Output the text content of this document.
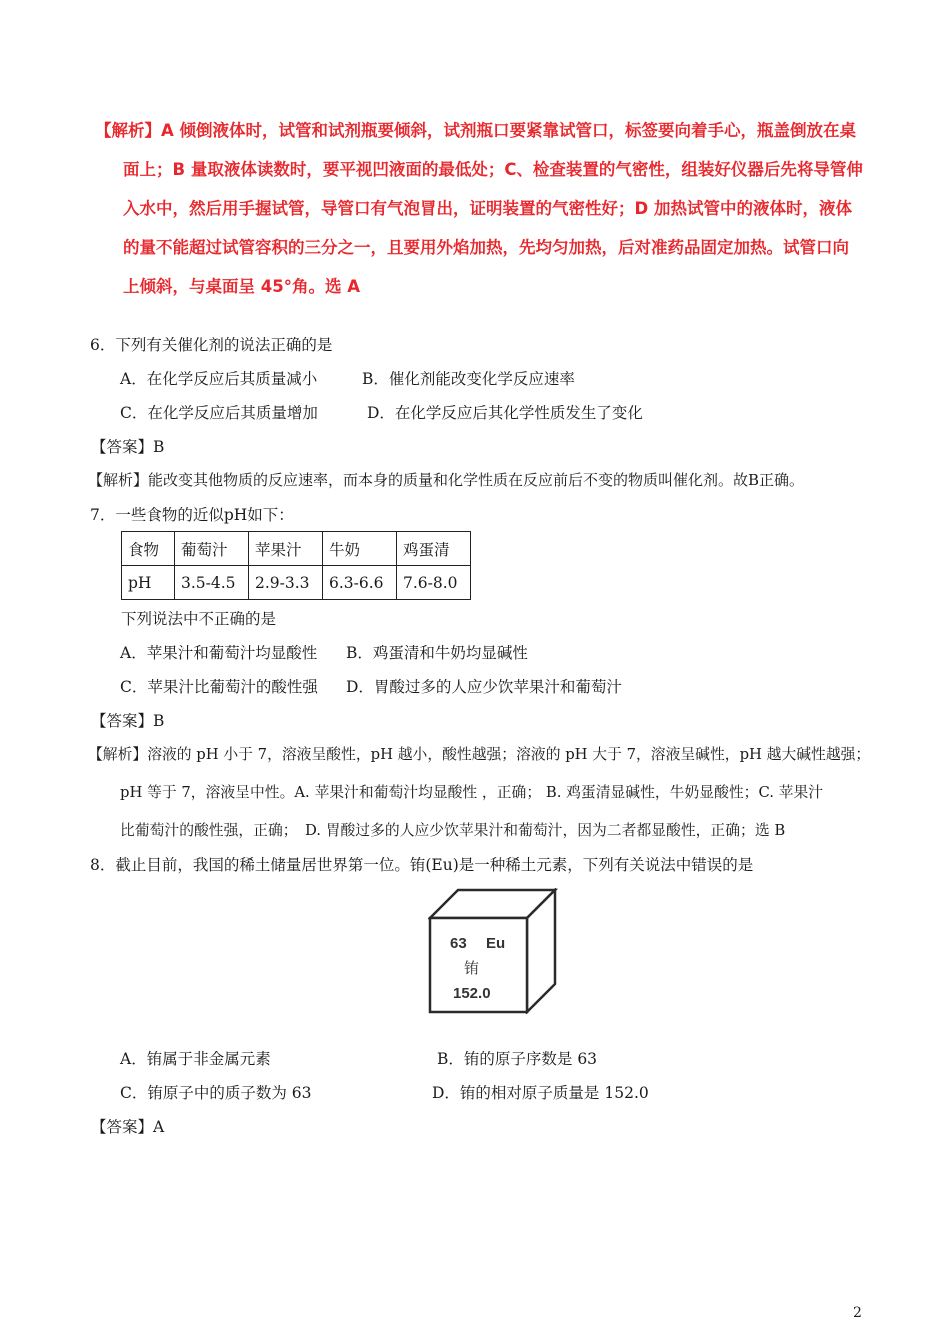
【解析】A 倾倒液体时，试管和试剂瓶要倾斜，试剂瓶口要紧靠试管口，标签要向着手心，瓶盖倒放在桌
面上；B 量取液体读数时，要平视凹液面的最低处；C、检查装置的气密性，组装好仪器后先将导管伸
入水中，然后用手握试管，导管口有气泡冒出，证明装置的气密性好；D 加热试管中的液体时，液体
的量不能超过试管容积的三分之一，且要用外焰加热，先均匀加热，后对准药品固定加热。试管口向
上倾斜，与桌面呈 45°角。选 A
6．下列有关催化剂的说法正确的是
A．在化学反应后其质量减小	B．催化剂能改变化学反应速率
C．在化学反应后其质量增加	D．在化学反应后其化学性质发生了变化
【答案】B
【解析】能改变其他物质的反应速率，而本身的质量和化学性质在反应前后不变的物质叫催化剂。故B正确。
7．一些食物的近似pH如下：
食物	葡萄汁	苹果汁	牛奶	鸡蛋清
pH	3.5-4.5	2.9-3.3	6.3-6.6	7.6-8.0
下列说法中不正确的是
A．苹果汁和葡萄汁均显酸性 B．鸡蛋清和牛奶均显碱性
C．苹果汁比葡萄汁的酸性强 D．胃酸过多的人应少饮苹果汁和葡萄汁
【答案】B
【解析】溶液的 pH 小于 7，溶液呈酸性，pH 越小，酸性越强；溶液的 pH 大于 7，溶液呈碱性，pH 越大碱性越强；
pH 等于 7，溶液呈中性。A. 苹果汁和葡萄汁均显酸性 ，正确； B. 鸡蛋清显碱性，牛奶显酸性；C. 苹果汁
比葡萄汁的酸性强，正确；　D. 胃酸过多的人应少饮苹果汁和葡萄汁，因为二者都显酸性，正确；选 B
8．截止目前，我国的稀土储量居世界第一位。铕(Eu)是一种稀土元素，下列有关说法中错误的是
63 Eu
铕
152.0
A．铕属于非金属元素	B．铕的原子序数是 63
C．铕原子中的质子数为 63	D．铕的相对原子质量是 152.0
【答案】A
2
